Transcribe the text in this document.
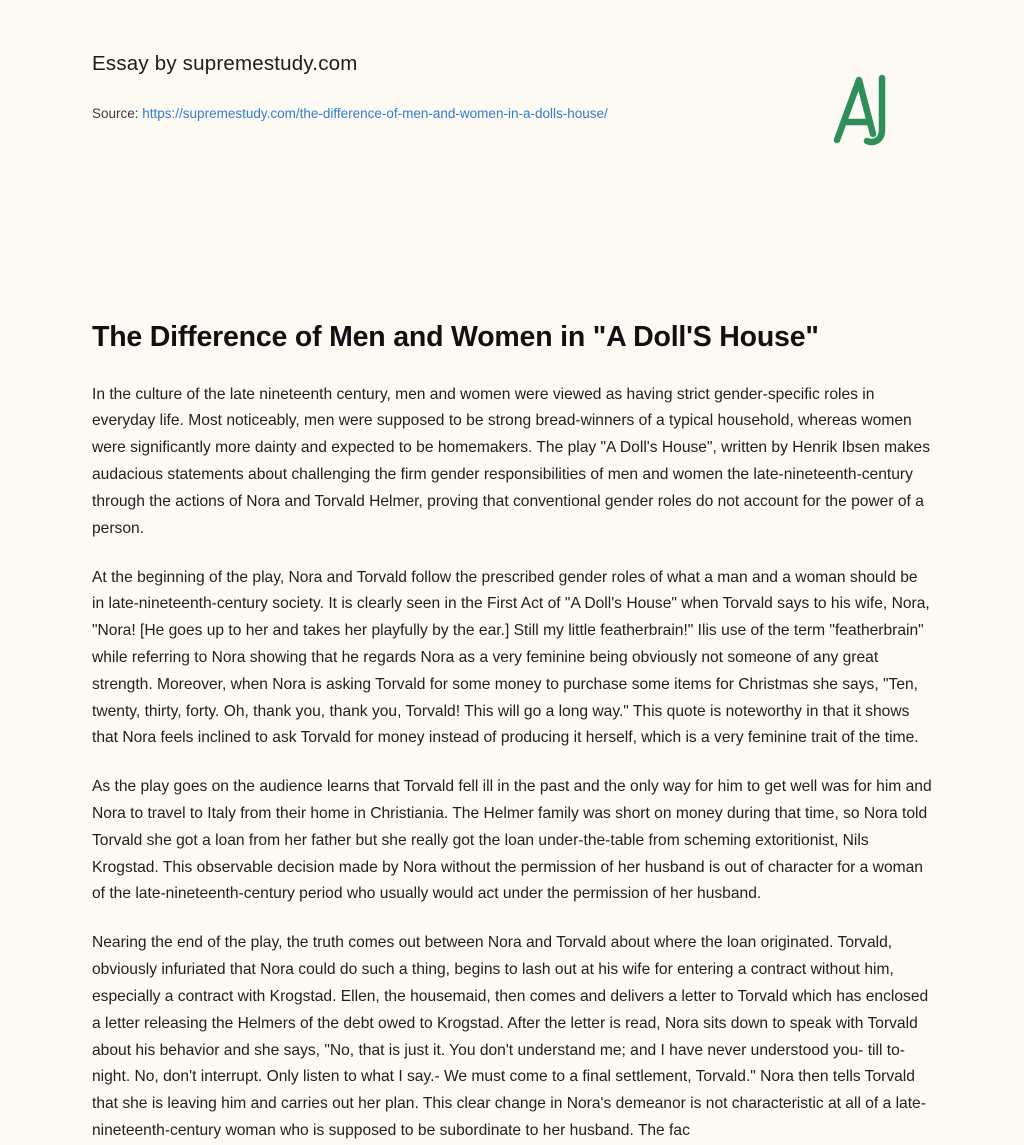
Essay by supremestudy.com

Source: https://supremestudy.com/the-difference-of-men-and-women-in-a-dolls-house/

The Difference of Men and Women in "A Doll'S House"

In the culture of the late nineteenth century, men and women were viewed as having strict gender-specific roles in everyday life. Most noticeably, men were supposed to be strong bread-winners of a typical household, whereas women were significantly more dainty and expected to be homemakers. The play "A Doll's House", written by Henrik Ibsen makes audacious statements about challenging the firm gender responsibilities of men and women the late-nineteenth-century through the actions of Nora and Torvald Helmer, proving that conventional gender roles do not account for the power of a person.

At the beginning of the play, Nora and Torvald follow the prescribed gender roles of what a man and a woman should be in late-nineteenth-century society. It is clearly seen in the First Act of "A Doll's House" when Torvald says to his wife, Nora, "Nora! [He goes up to her and takes her playfully by the ear.] Still my little featherbrain!" Ilis use of the term "featherbrain" while referring to Nora showing that he regards Nora as a very feminine being obviously not someone of any great strength. Moreover, when Nora is asking Torvald for some money to purchase some items for Christmas she says, "Ten, twenty, thirty, forty. Oh, thank you, thank you, Torvald! This will go a long way." This quote is noteworthy in that it shows that Nora feels inclined to ask Torvald for money instead of producing it herself, which is a very feminine trait of the time.

As the play goes on the audience learns that Torvald fell ill in the past and the only way for him to get well was for him and Nora to travel to Italy from their home in Christiania. The Helmer family was short on money during that time, so Nora told Torvald she got a loan from her father but she really got the loan under-the-table from scheming extoritionist, Nils Krogstad. This observable decision made by Nora without the permission of her husband is out of character for a woman of the late-nineteenth-century period who usually would act under the permission of her husband.

Nearing the end of the play, the truth comes out between Nora and Torvald about where the loan originated. Torvald, obviously infuriated that Nora could do such a thing, begins to lash out at his wife for entering a contract without him, especially a contract with Krogstad. Ellen, the housemaid, then comes and delivers a letter to Torvald which has enclosed a letter releasing the Helmers of the debt owed to Krogstad. After the letter is read, Nora sits down to speak with Torvald about his behavior and she says, "No, that is just it. You don't understand me; and I have never understood you- till to-night. No, don't interrupt. Only listen to what I say.- We must come to a final settlement, Torvald." Nora then tells Torvald that she is leaving him and carries out her plan. This clear change in Nora's demeanor is not characteristic at all of a late-nineteenth-century woman who is supposed to be subordinate to her husband. The fac
